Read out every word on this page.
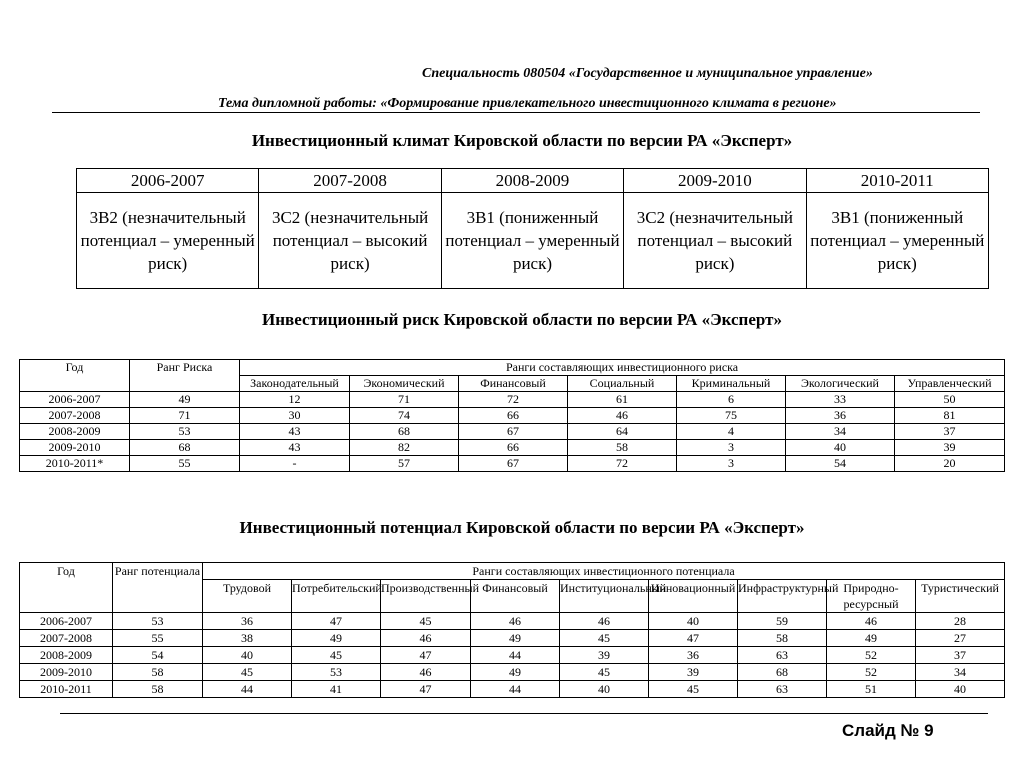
Специальность 080504 «Государственное и муниципальное управление»
Тема дипломной работы: «Формирование привлекательного инвестиционного климата в регионе»
Инвестиционный климат Кировской области по версии РА «Эксперт»
2006-2007	2007-2008	2008-2009	2009-2010	2010-2011
3В2 (незначительный потенциал – умеренный риск)	3С2 (незначительный потенциал – высокий риск)	3В1 (пониженный потенциал – умеренный риск)	3С2 (незначительный потенциал – высокий риск)	3В1 (пониженный потенциал – умеренный риск)
Инвестиционный риск Кировской области по версии РА «Эксперт»
Год	Ранг Риска	Ранги составляющих инвестиционного риска						
		Законодательный	Экономический	Финансовый	Социальный	Криминальный	Экологический	Управленческий
2006-2007	49	12	71	72	61	6	33	50
2007-2008	71	30	74	66	46	75	36	81
2008-2009	53	43	68	67	64	4	34	37
2009-2010	68	43	82	66	58	3	40	39
2010-2011*	55	-	57	67	72	3	54	20
Инвестиционный потенциал Кировской области по версии РА «Эксперт»
Год	Ранг потенциала	Ранги составляющих инвестиционного потенциала								
		Трудовой	Потребительский	Производственный	Финансовый	Институциональный	Инновационный	Инфраструктурный	Природно-ресурсный	Туристический
2006-2007	53	36	47	45	46	46	40	59	46	28
2007-2008	55	38	49	46	49	45	47	58	49	27
2008-2009	54	40	45	47	44	39	36	63	52	37
2009-2010	58	45	53	46	49	45	39	68	52	34
2010-2011	58	44	41	47	44	40	45	63	51	40
Слайд № 9
